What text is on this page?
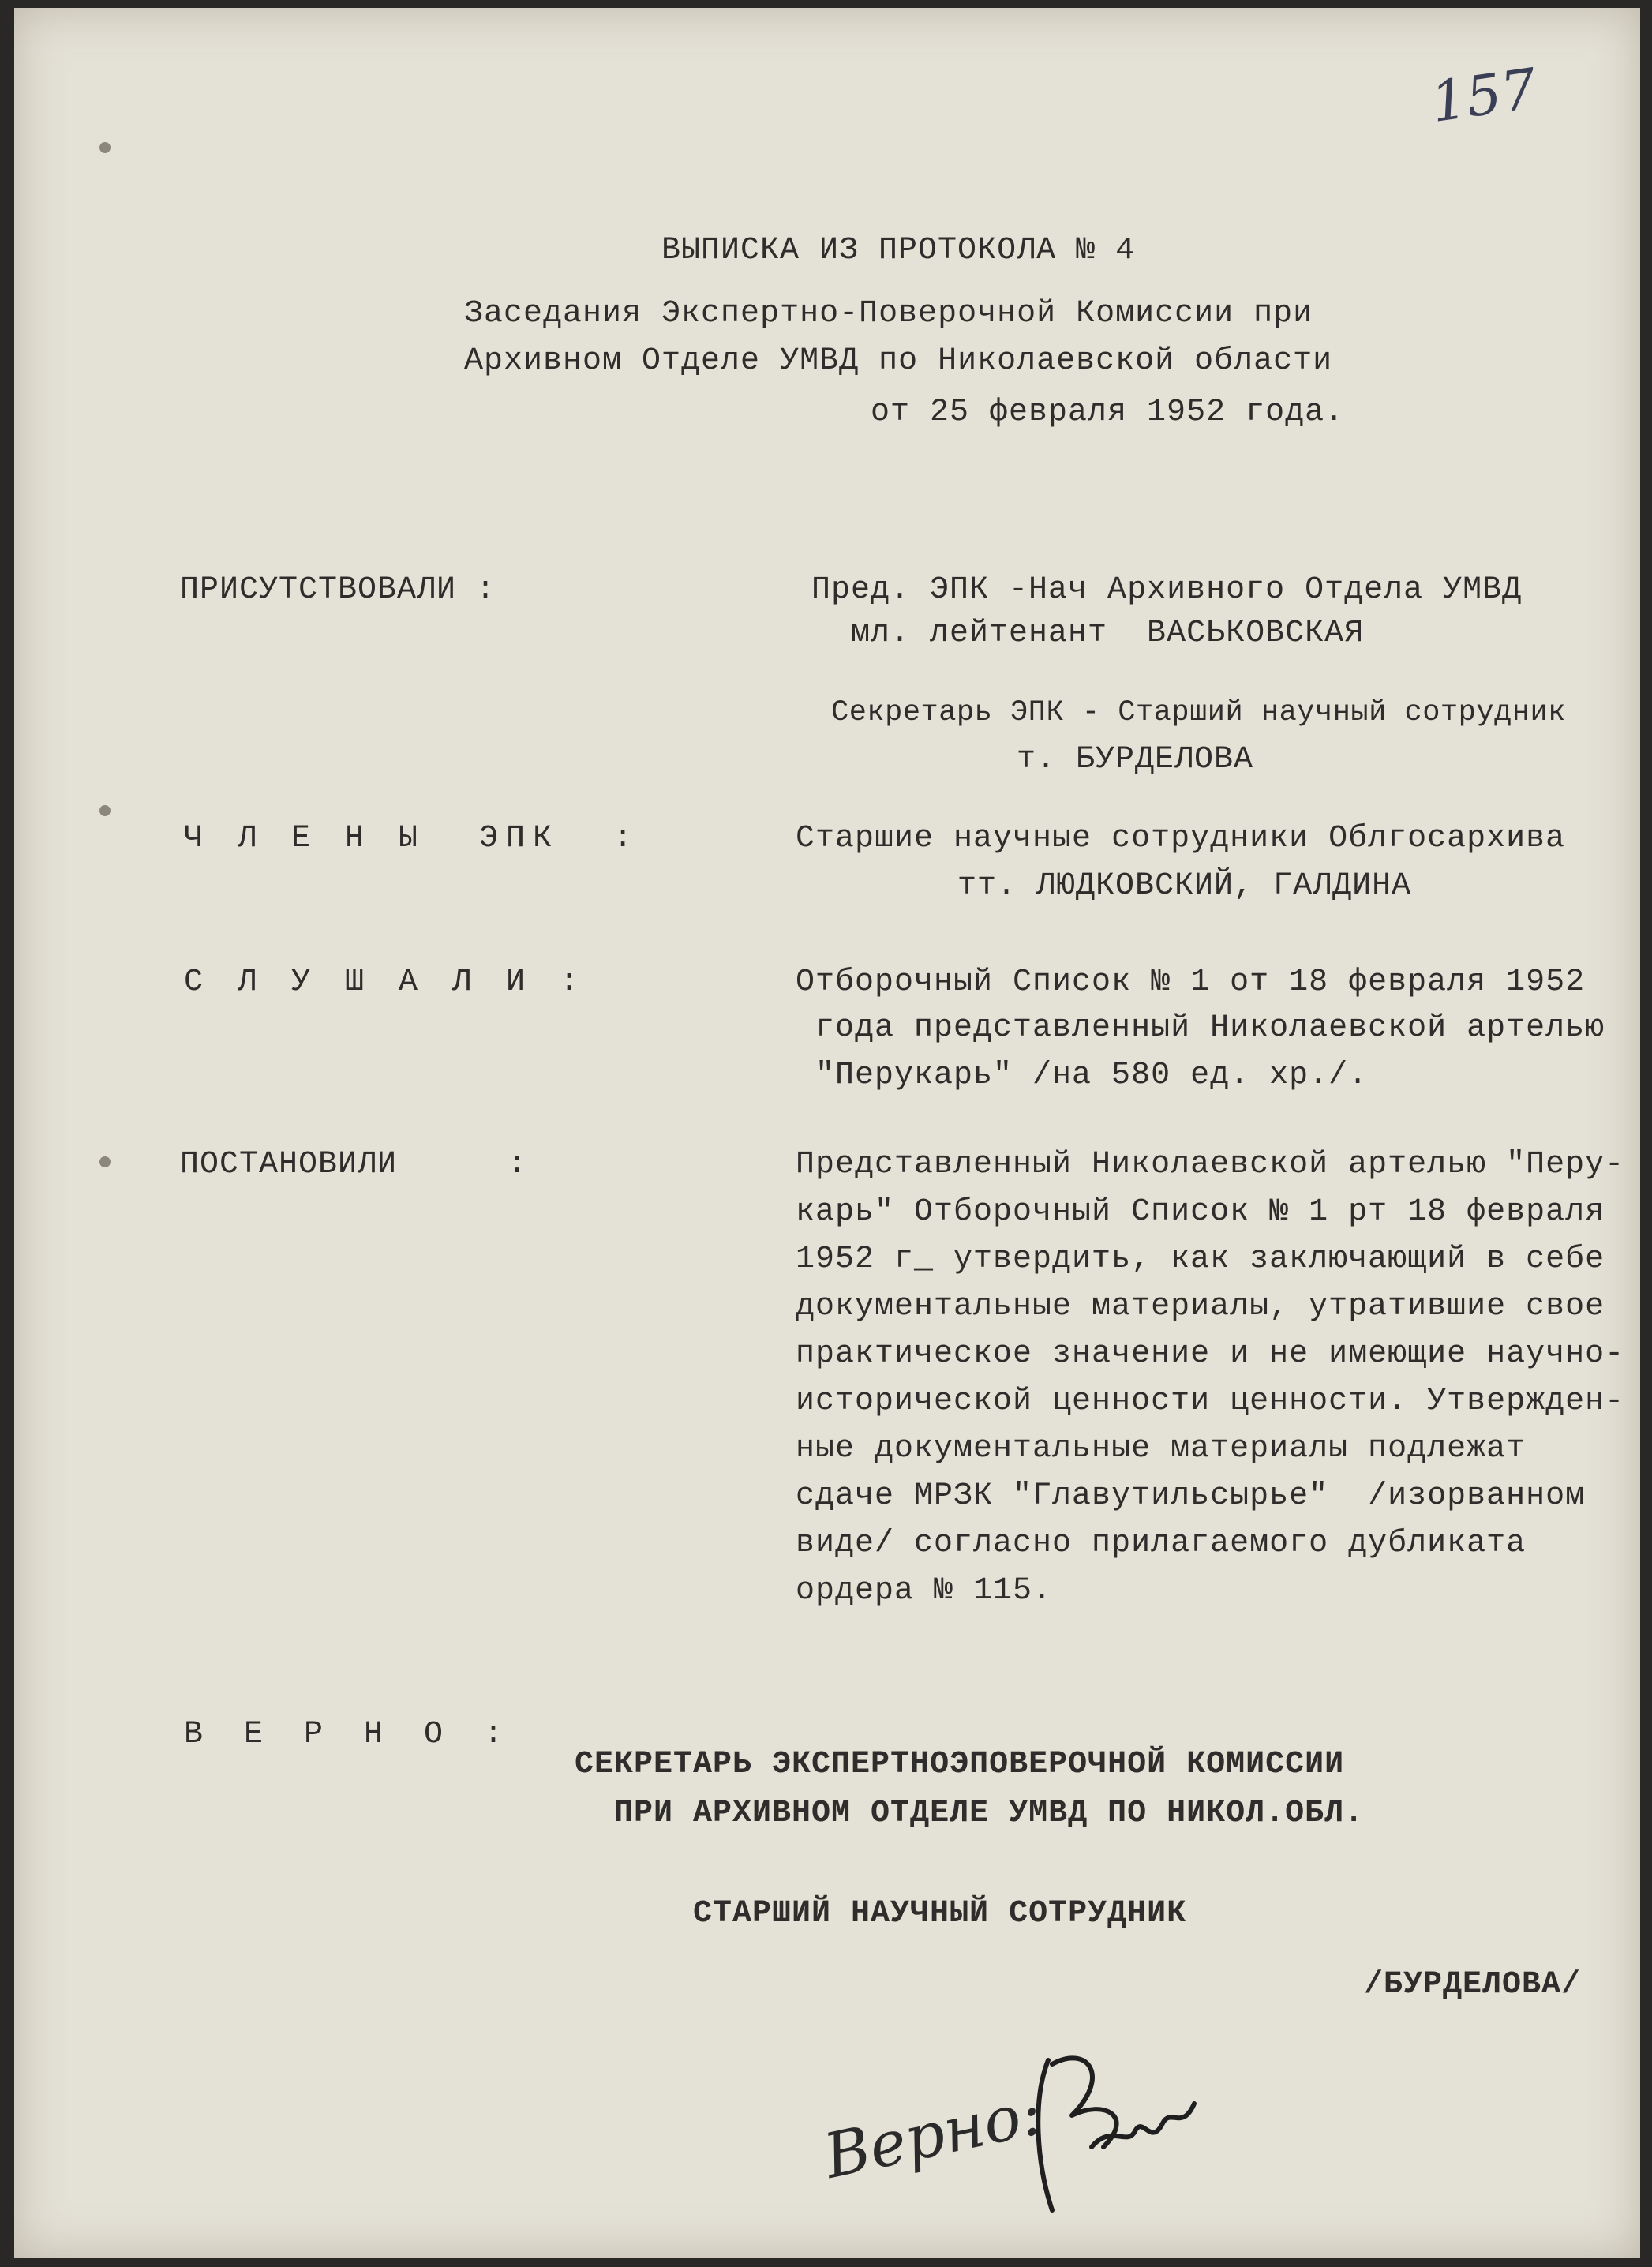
157
ВЫПИСКА ИЗ ПРОТОКОЛА № 4
Заседания Экспертно-Поверочной Комиссии при
Архивном Отделе УМВД по Николаевской области
от 25 февраля 1952 года.
ПРИСУТСТВОВАЛИ :	Пред. ЭПК -Нач Архивного Отдела УМВД
мл. лейтенант  ВАСЬКОВСКАЯ
Секретарь ЭПК - Старший научный сотрудник
т. БУРДЕЛОВА
Ч Л Е Н Ы  ЭПК  :	Старшие научные сотрудники Облгосархива
тт. ЛЮДКОВСКИЙ, ГАЛДИНА
С Л У Ш А Л И :	Отборочный Список № 1 от 18 февраля 1952
года представленный Николаевской артелью
"Перукарь" /на 580 ед. хр./.
ПОСТАНОВИЛИ	:	Представленный Николаевской артелью "Перу-
карь" Отборочный Список № 1 рт 18 февраля
1952 г_ утвердить, как заключающий в себе
документальные материалы, утратившие свое
практическое значение и не имеющие научно-
исторической ценности ценности. Утвержден-
ные документальные материалы подлежат
сдаче МРЗК "Главутильсырье"  /изорванном
виде/ согласно прилагаемого дубликата
ордера № 115.
В Е Р Н О :
СЕКРЕТАРЬ ЭКСПЕРТНОЭПОВЕРОЧНОЙ КОМИССИИ
ПРИ АРХИВНОМ ОТДЕЛЕ УМВД ПО НИКОЛ.ОБЛ.
СТАРШИЙ НАУЧНЫЙ СОТРУДНИК
/БУРДЕЛОВА/
Верно:
